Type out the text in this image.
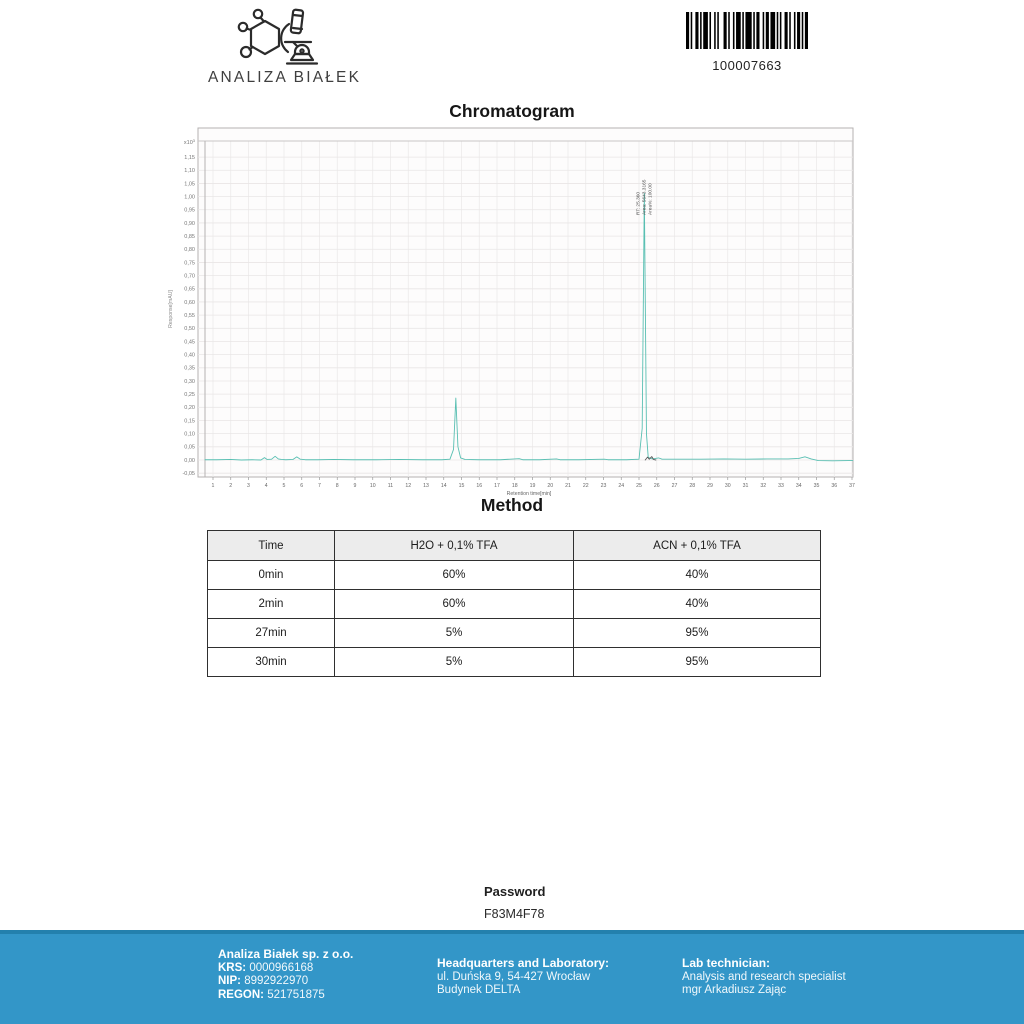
ANALIZA BIAŁEK
100007663
Chromatogram
-0,05
0,00
0,05
0,10
0,15
0,20
0,25
0,30
0,35
0,40
0,45
0,50
0,55
0,60
0,65
0,70
0,75
0,80
0,85
0,90
0,95
1,00
1,05
1,10
1,15
$x10^3$
1	2	3	4	5	6	7	8	9	10 11 12 13 14 15 16 17 18 19 20 21 22 23 24 25 26 27 28 29 30 31 32 33 34 35 36 37
Retention time[min]
Response[mAU]
RT: 25.360 Area: 5643.3165 Area%: 100.00
Method
Time	H2O + 0,1% TFA	ACN + 0,1% TFA
0min	60%	40%
2min	60%	40%
27min	5%	95%
30min	5%	95%
Password
F83M4F78
Analiza Białek sp. z o.o.
KRS: 0000966168
NIP: 8992922970
REGON: 521751875
Headquarters and Laboratory:
ul. Duńska 9, 54-427 Wrocław
Budynek DELTA
Lab technician:
Analysis and research specialist
mgr Arkadiusz Zając
